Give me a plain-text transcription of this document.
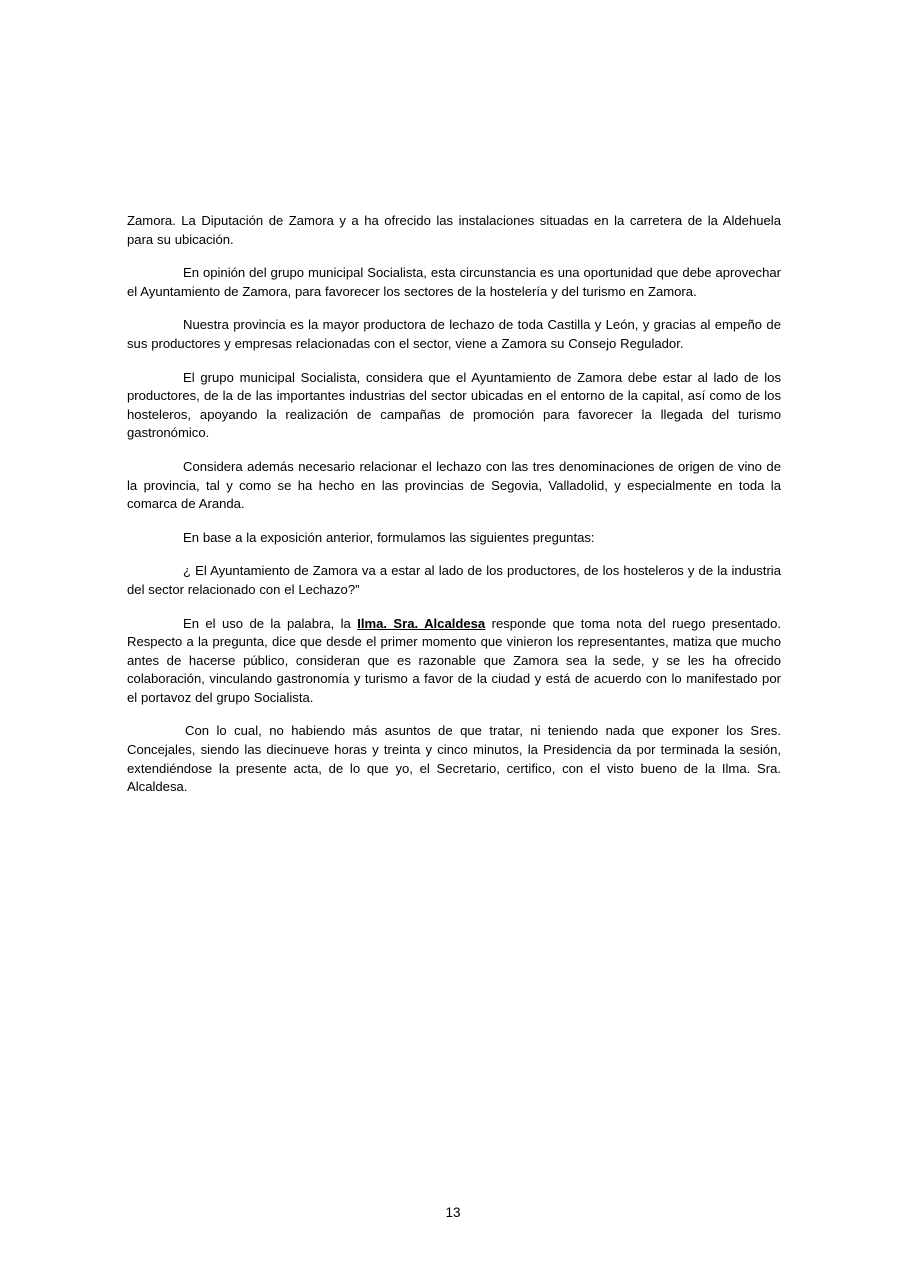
Zamora. La Diputación de Zamora y a ha ofrecido las instalaciones situadas en la carretera de la Aldehuela para su ubicación.

En opinión del grupo municipal Socialista, esta circunstancia es una oportunidad que debe aprovechar el Ayuntamiento de Zamora, para favorecer los sectores de la hostelería y del turismo en Zamora.

Nuestra provincia es la mayor productora de lechazo de toda Castilla y León, y gracias al empeño de sus productores y empresas relacionadas con el sector, viene a Zamora su Consejo Regulador.

El grupo municipal Socialista, considera que el Ayuntamiento de Zamora debe estar al lado de los productores, de la de las importantes industrias del sector ubicadas en el entorno de la capital, así como de los hosteleros, apoyando la realización de campañas de promoción para favorecer la llegada del turismo gastronómico.

Considera además necesario relacionar el lechazo con las tres denominaciones de origen de vino de la provincia, tal y como se ha hecho en las provincias de Segovia, Valladolid, y especialmente en toda la comarca de Aranda.

En base a la exposición anterior, formulamos las siguientes preguntas:

¿ El Ayuntamiento de Zamora va a estar al lado de los productores, de los hosteleros y de la industria del sector relacionado con el Lechazo?”

En el uso de la palabra, la Ilma. Sra. Alcaldesa responde que toma nota del ruego presentado. Respecto a la pregunta, dice que desde el primer momento que vinieron los representantes, matiza que mucho antes de hacerse público, consideran que es razonable que Zamora sea la sede, y se les ha ofrecido colaboración, vinculando gastronomía y turismo a favor de la ciudad y está de acuerdo con lo manifestado por el portavoz del grupo Socialista.

Con lo cual, no habiendo más asuntos de que tratar, ni teniendo nada que exponer los Sres. Concejales, siendo las diecinueve horas y treinta y cinco minutos, la Presidencia da por terminada la sesión, extendiéndose la presente acta, de lo que yo, el Secretario, certifico, con el visto bueno de la Ilma. Sra. Alcaldesa.

13
